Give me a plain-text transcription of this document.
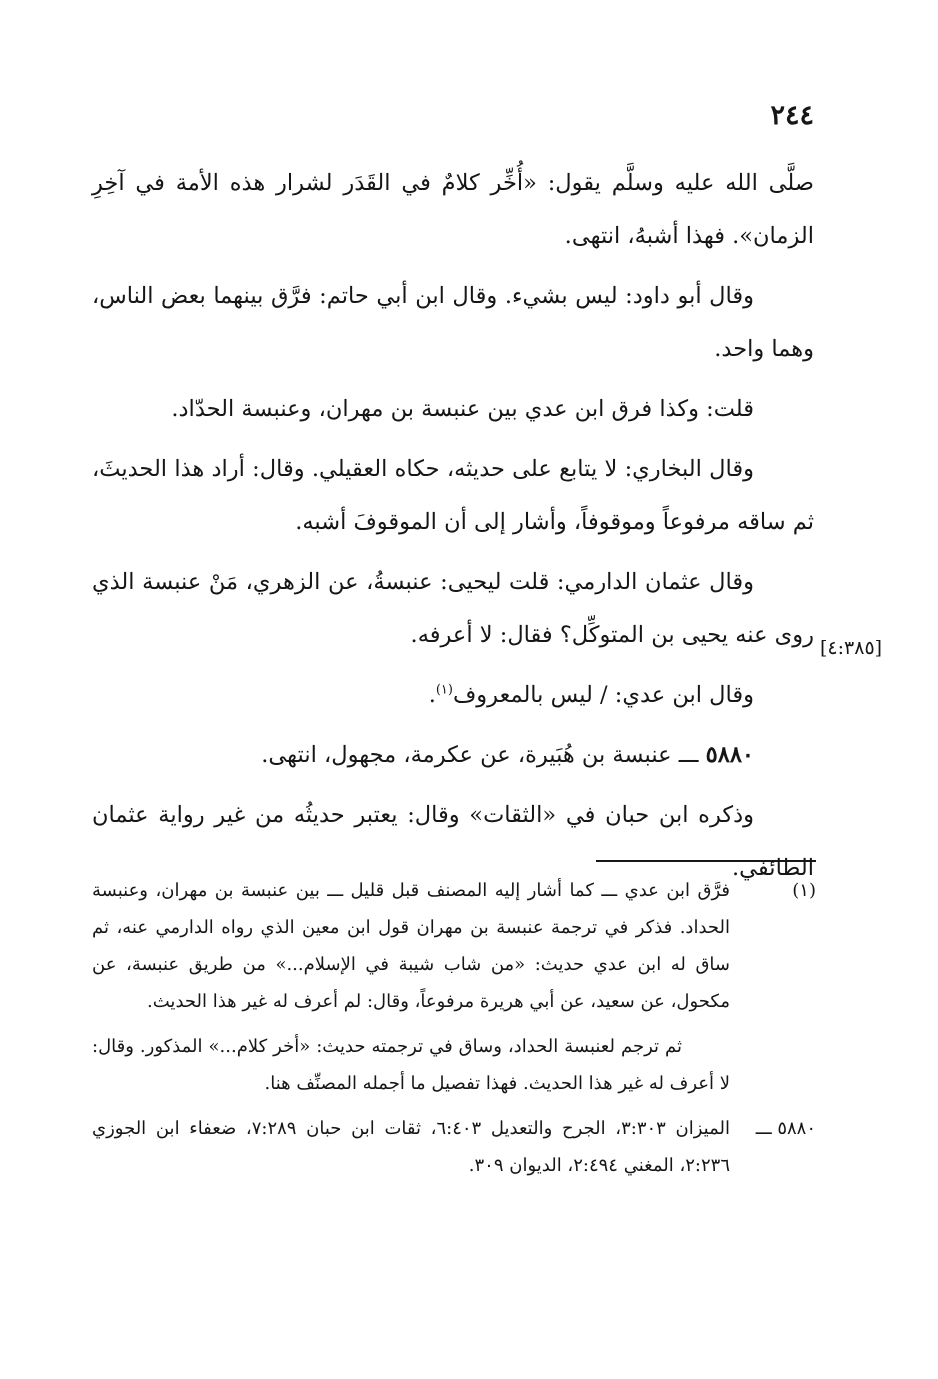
٢٤٤

صلَّى الله عليه وسلَّم يقول: «أُخِّر كلامٌ في القَدَر لشرار هذه الأمة في آخِرِ الزمان». فهذا أشبهُ، انتهى.

وقال أبو داود: ليس بشيء. وقال ابن أبي حاتم: فرَّق بينهما بعض الناس، وهما واحد.

قلت: وكذا فرق ابن عدي بين عنبسة بن مهران، وعنبسة الحدّاد.

وقال البخاري: لا يتابع على حديثه، حكاه العقيلي. وقال: أراد هذا الحديثَ، ثم ساقه مرفوعاً وموقوفاً، وأشار إلى أن الموقوفَ أشبه.

وقال عثمان الدارمي: قلت ليحيى: عنبسةُ، عن الزهري، مَنْ عنبسة الذي روى عنه يحيى بن المتوكِّل؟ فقال: لا أعرفه.

وقال ابن عدي: / ليس بالمعروف$^{(١)}$.

٥٨٨٠ ـــ عنبسة بن هُبَيرة، عن عكرمة، مجهول، انتهى.

وذكره ابن حبان في «الثقات» وقال: يعتبر حديثُه من غير رواية عثمان الطائفي.

[٤:٣٨٥]
(١)

فرَّق ابن عدي ـــ كما أشار إليه المصنف قبل قليل ـــ بين عنبسة بن مهران، وعنبسة الحداد. فذكر في ترجمة عنبسة بن مهران قول ابن معين الذي رواه الدارمي عنه، ثم ساق له ابن عدي حديث: «من شاب شيبة في الإسلام...» من طريق عنبسة، عن مكحول، عن سعيد، عن أبي هريرة مرفوعاً، وقال: لم أعرف له غير هذا الحديث.

ثم ترجم لعنبسة الحداد، وساق في ترجمته حديث: «أخر كلام...» المذكور. وقال: لا أعرف له غير هذا الحديث. فهذا تفصيل ما أجمله المصنِّف هنا.

٥٨٨٠ ـــ

الميزان ٣:٣٠٣، الجرح والتعديل ٦:٤٠٣، ثقات ابن حبان ٧:٢٨٩، ضعفاء ابن الجوزي ٢:٢٣٦، المغني ٢:٤٩٤، الديوان ٣٠٩.
